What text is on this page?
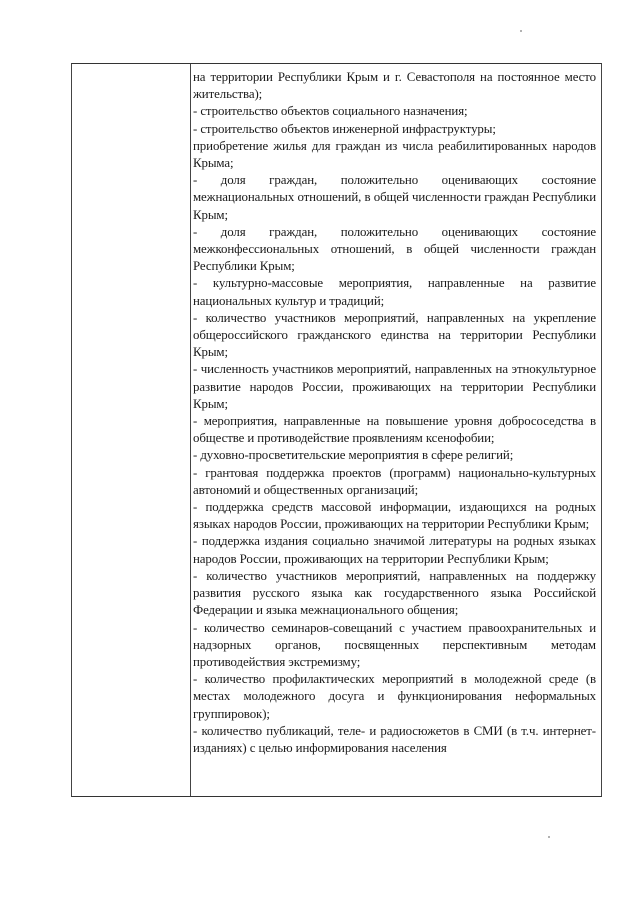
на территории Республики Крым и г. Севастополя на постоянное место жительства);

- строительство объектов социального назначения;

- строительство объектов инженерной инфраструктуры;

приобретение жилья для граждан из числа реабилитированных народов Крыма;

- доля граждан, положительно оценивающих состояние межнациональных отношений, в общей численности граждан Республики Крым;

- доля граждан, положительно оценивающих состояние межконфессиональных отношений, в общей численности граждан Республики Крым;

- культурно-массовые мероприятия, направленные на развитие национальных культур и традиций;

- количество участников мероприятий, направленных на укрепление общероссийского гражданского единства на территории Республики Крым;

- численность участников мероприятий, направленных на этнокультурное развитие народов России, проживающих на территории Республики Крым;

- мероприятия, направленные на повышение уровня добрососедства в обществе и противодействие проявлениям ксенофобии;

- духовно-просветительские мероприятия в сфере религий;

- грантовая поддержка проектов (программ) национально-культурных автономий и общественных организаций;

- поддержка средств массовой информации, издающихся на родных языках народов России, проживающих на территории Республики Крым;

- поддержка издания социально значимой литературы на родных языках народов России, проживающих на территории Республики Крым;

- количество участников мероприятий, направленных на поддержку развития русского языка как государственного языка Российской Федерации и языка межнационального общения;

- количество семинаров-совещаний с участием правоохранительных и надзорных органов, посвященных перспективным методам противодействия экстремизму;

- количество профилактических мероприятий в молодежной среде (в местах молодежного досуга и функционирования неформальных группировок);

- количество публикаций, теле- и радиосюжетов в СМИ (в т.ч. интернет-изданиях) с целью информирования населения
